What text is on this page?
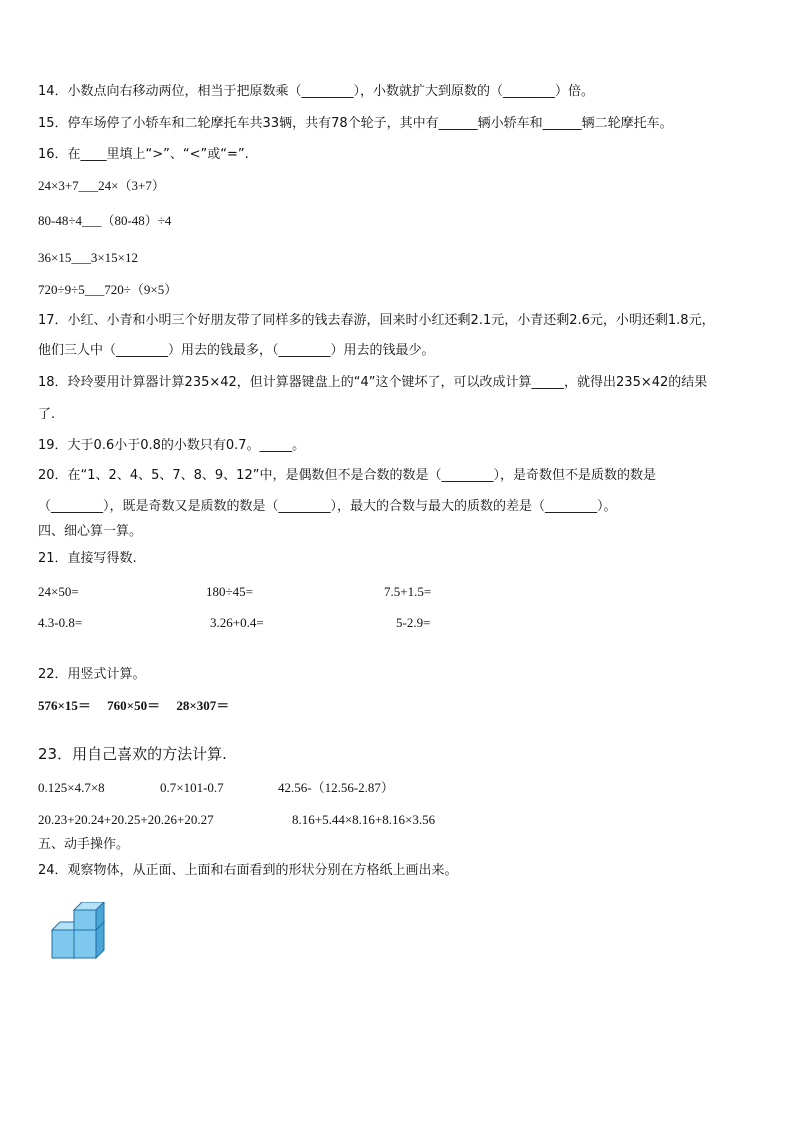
14．小数点向右移动两位，相当于把原数乘（________），小数就扩大到原数的（________）倍。
15．停车场停了小轿车和二轮摩托车共33辆，共有78个轮子，其中有______辆小轿车和______辆二轮摩托车。
16．在____里填上“>”、“<”或“=”.
24×3+7___24×（3+7）
80-48÷4___（80-48）÷4
36×15___3×15×12
720÷9÷5___720÷（9×5）
17．小红、小青和小明三个好朋友带了同样多的钱去春游，回来时小红还剩2.1元，小青还剩2.6元，小明还剩1.8元，
他们三人中（________）用去的钱最多，（________）用去的钱最少。
18．玲玲要用计算器计算235×42，但计算器键盘上的“4”这个键坏了，可以改成计算_____，就得出235×42的结果
了.
19．大于0.6小于0.8的小数只有0.7。_____。
20．在“1、2、4、5、7、8、9、12”中，是偶数但不是合数的数是（________），是奇数但不是质数的数是
（________），既是奇数又是质数的数是（________），最大的合数与最大的质数的差是（________）。
四、细心算一算。
21．直接写得数.
24×50=	180÷45=	7.5+1.5=
4.3-0.8=	3.26+0.4=	5-2.9=
22．用竖式计算。
576×15＝　 760×50＝　 28×307＝
23．用自己喜欢的方法计算.
0.125×4.7×8	0.7×101-0.7	42.56-（12.56-2.87）
20.23+20.24+20.25+20.26+20.27	8.16+5.44×8.16+8.16×3.56
五、动手操作。
24．观察物体，从正面、上面和右面看到的形状分别在方格纸上画出来。
